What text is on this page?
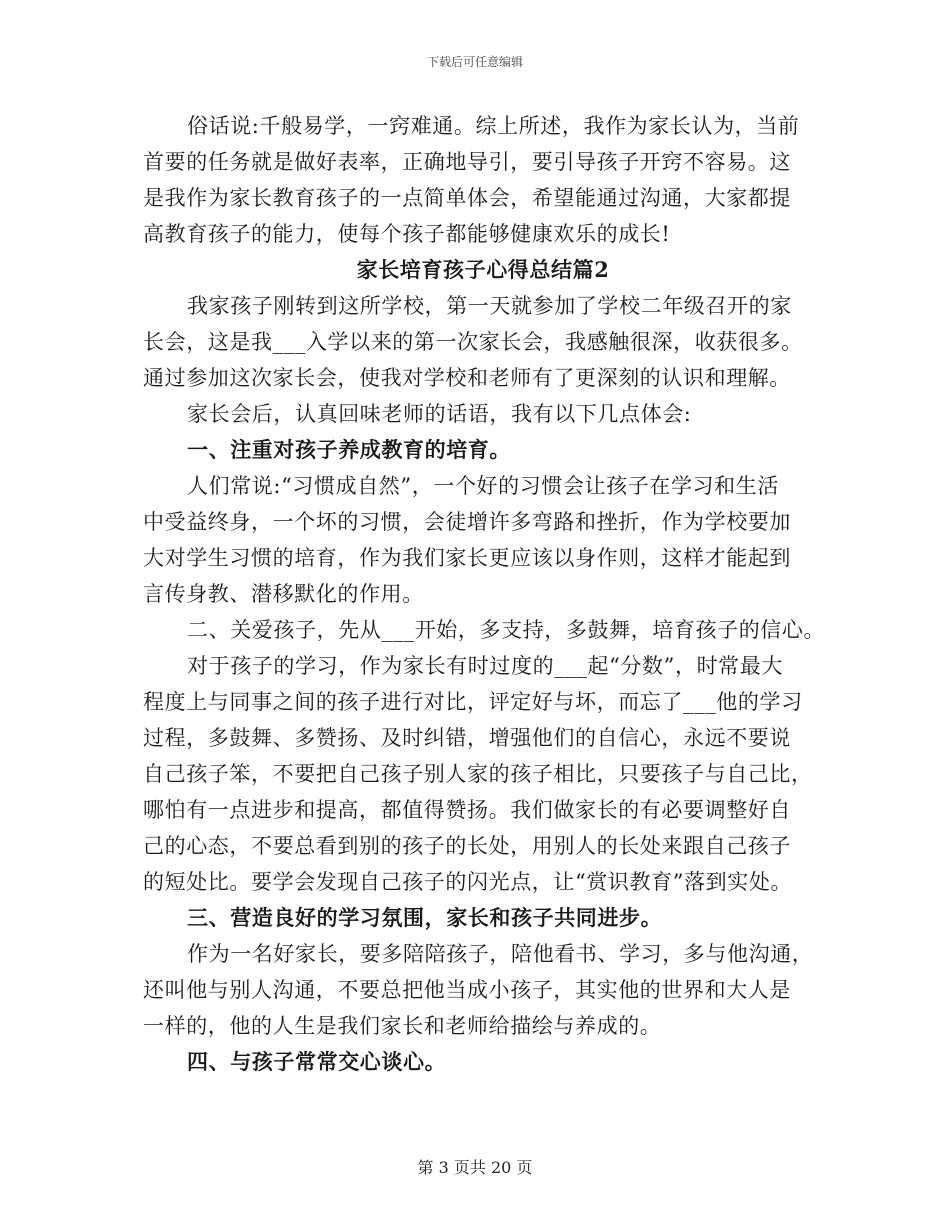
下载后可任意编辑
俗话说:千般易学，一窍难通。综上所述，我作为家长认为，当前
首要的任务就是做好表率，正确地导引，要引导孩子开窍不容易。这
是我作为家长教育孩子的一点简单体会，希望能通过沟通，大家都提
高教育孩子的能力，使每个孩子都能够健康欢乐的成长!
家长培育孩子心得总结篇2
我家孩子刚转到这所学校，第一天就参加了学校二年级召开的家
长会，这是我___入学以来的第一次家长会，我感触很深，收获很多。
通过参加这次家长会，使我对学校和老师有了更深刻的认识和理解。
家长会后，认真回味老师的话语，我有以下几点体会:
一、注重对孩子养成教育的培育。
人们常说:“习惯成自然”，一个好的习惯会让孩子在学习和生活
中受益终身，一个坏的习惯，会徒增许多弯路和挫折，作为学校要加
大对学生习惯的培育，作为我们家长更应该以身作则，这样才能起到
言传身教、潜移默化的作用。
二、关爱孩子，先从___开始，多支持，多鼓舞，培育孩子的信心。
对于孩子的学习，作为家长有时过度的___起“分数”，时常最大
程度上与同事之间的孩子进行对比，评定好与坏，而忘了___他的学习
过程，多鼓舞、多赞扬、及时纠错，增强他们的自信心，永远不要说
自己孩子笨，不要把自己孩子别人家的孩子相比，只要孩子与自己比，
哪怕有一点进步和提高，都值得赞扬。我们做家长的有必要调整好自
己的心态，不要总看到别的孩子的长处，用别人的长处来跟自己孩子
的短处比。要学会发现自己孩子的闪光点，让“赏识教育”落到实处。
三、营造良好的学习氛围，家长和孩子共同进步。
作为一名好家长，要多陪陪孩子，陪他看书、学习，多与他沟通，
还叫他与别人沟通，不要总把他当成小孩子，其实他的世界和大人是
一样的，他的人生是我们家长和老师给描绘与养成的。
四、与孩子常常交心谈心。
第 3 页共 20 页
